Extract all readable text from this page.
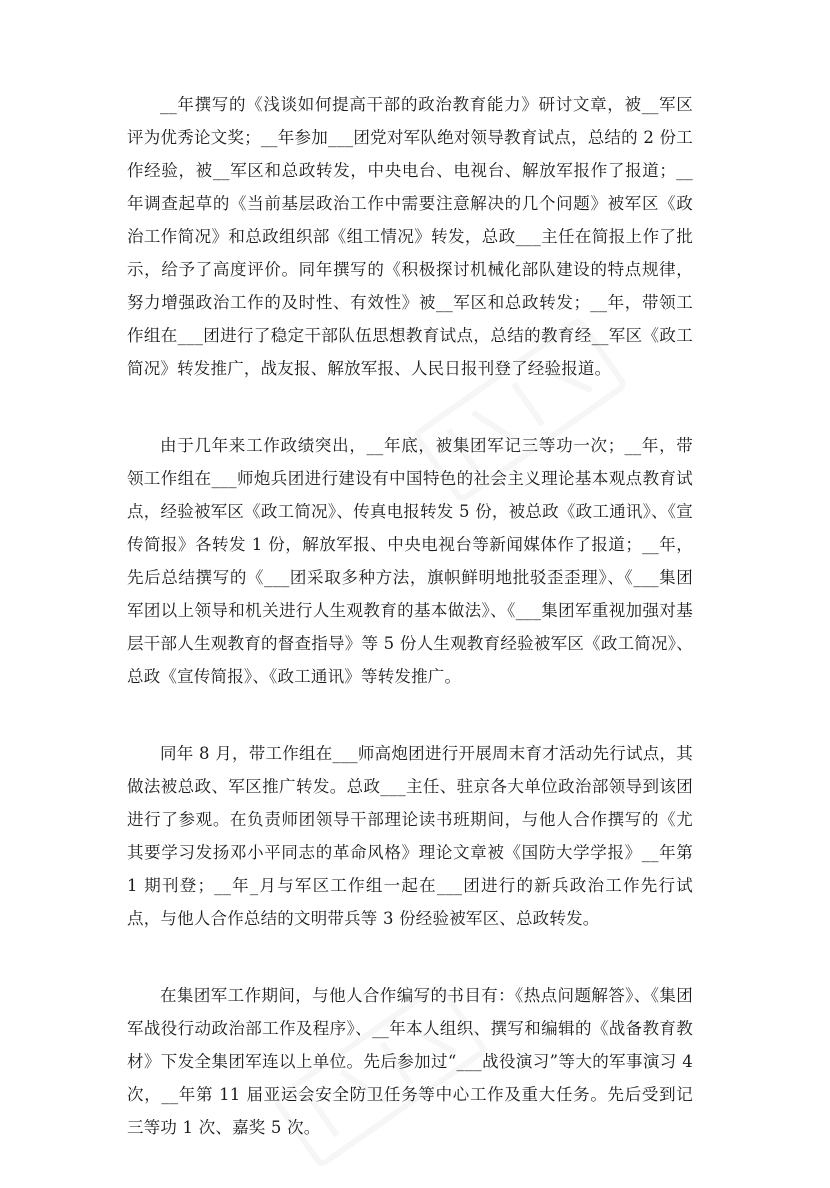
__年撰写的《浅谈如何提高干部的政治教育能力》研讨文章，被__军区评为优秀论文奖；__年参加___团党对军队绝对领导教育试点，总结的 2 份工作经验，被__军区和总政转发，中央电台、电视台、解放军报作了报道；__年调查起草的《当前基层政治工作中需要注意解决的几个问题》被军区《政治工作简况》和总政组织部《组工情况》转发，总政___主任在简报上作了批示，给予了高度评价。同年撰写的《积极探讨机械化部队建设的特点规律，努力增强政治工作的及时性、有效性》被__军区和总政转发；__年，带领工作组在___团进行了稳定干部队伍思想教育试点，总结的教育经__军区《政工简况》转发推广，战友报、解放军报、人民日报刊登了经验报道。

由于几年来工作政绩突出，__年底，被集团军记三等功一次；__年，带领工作组在___师炮兵团进行建设有中国特色的社会主义理论基本观点教育试点，经验被军区《政工简况》、传真电报转发 5 份，被总政《政工通讯》、《宣传简报》各转发 1 份，解放军报、中央电视台等新闻媒体作了报道；__年，先后总结撰写的《___团采取多种方法，旗帜鲜明地批驳歪歪理》、《___集团军团以上领导和机关进行人生观教育的基本做法》、《___集团军重视加强对基层干部人生观教育的督查指导》等 5 份人生观教育经验被军区《政工简况》、总政《宣传简报》、《政工通讯》等转发推广。

同年 8 月，带工作组在___师高炮团进行开展周末育才活动先行试点，其做法被总政、军区推广转发。总政___主任、驻京各大单位政治部领导到该团进行了参观。在负责师团领导干部理论读书班期间，与他人合作撰写的《尤其要学习发扬邓小平同志的革命风格》理论文章被《国防大学学报》__年第 1 期刊登；__年_月与军区工作组一起在___团进行的新兵政治工作先行试点，与他人合作总结的文明带兵等 3 份经验被军区、总政转发。

在集团军工作期间，与他人合作编写的书目有：《热点问题解答》、《集团军战役行动政治部工作及程序》、__年本人组织、撰写和编辑的《战备教育教材》下发全集团军连以上单位。先后参加过“___战役演习”等大的军事演习 4 次，__年第 11 届亚运会安全防卫任务等中心工作及重大任务。先后受到记三等功 1 次、嘉奖 5 次。
